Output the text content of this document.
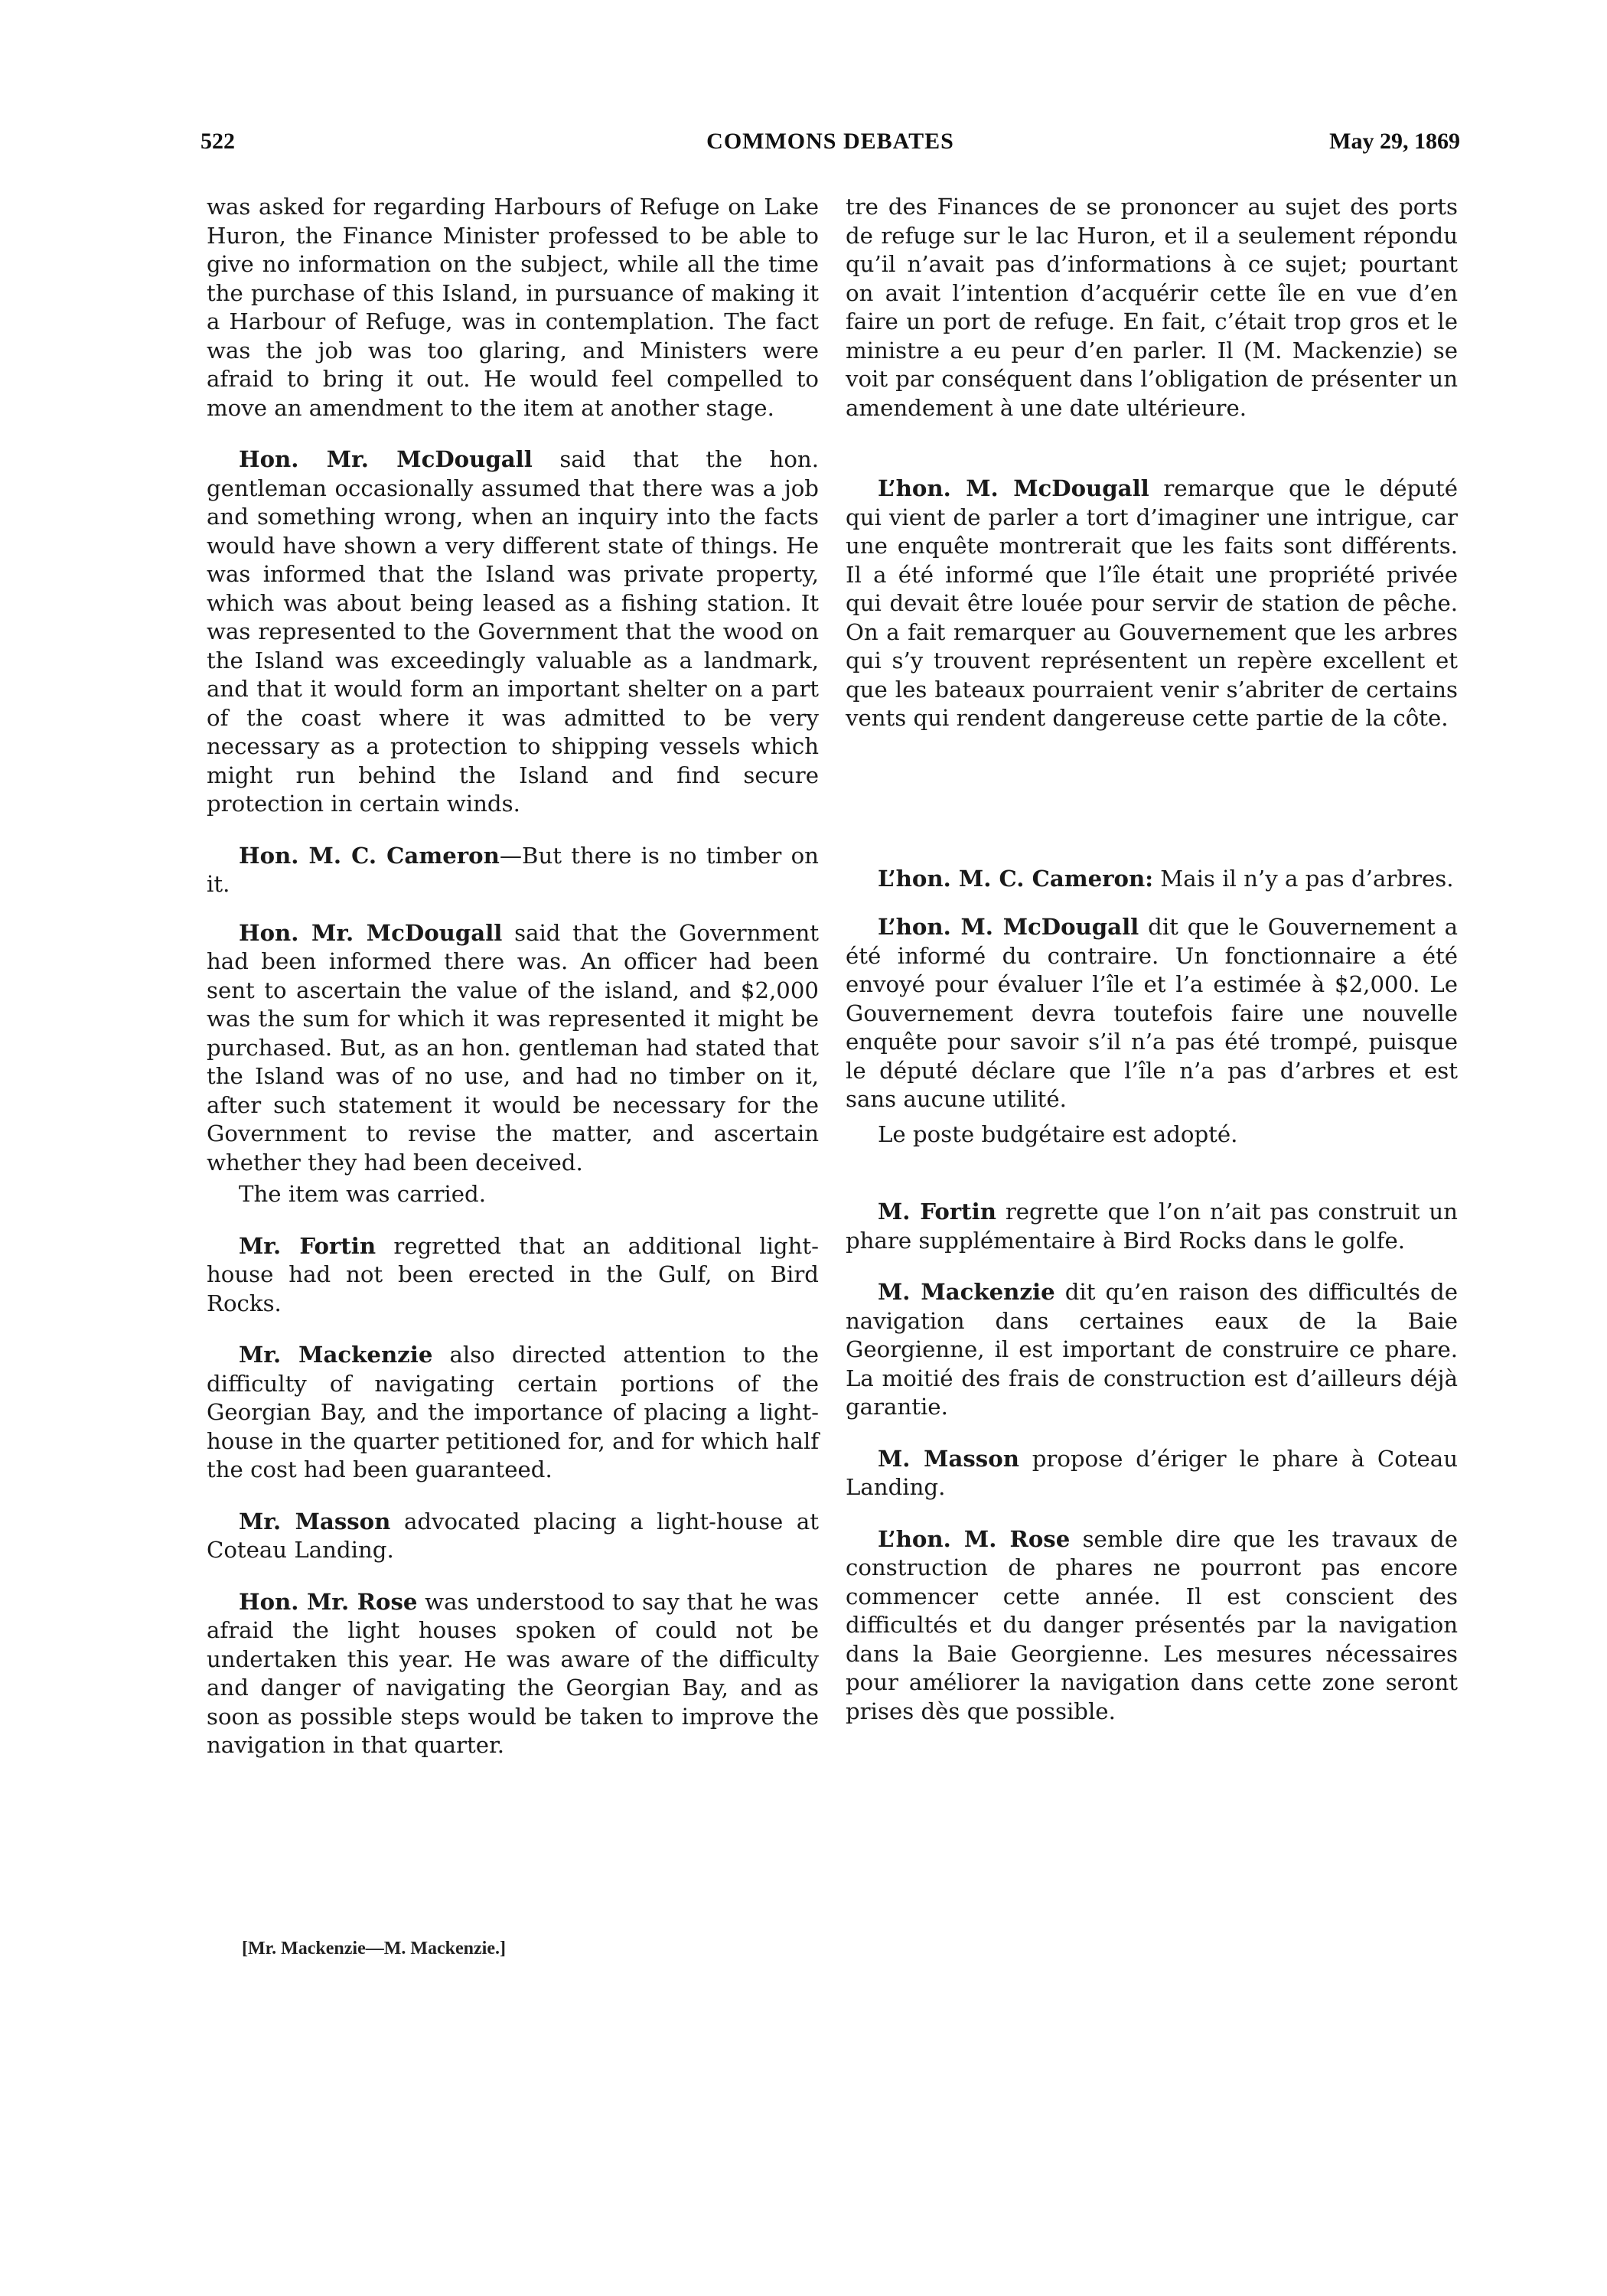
522	COMMONS DEBATES	May 29, 1869

was asked for regarding Harbours of Refuge on Lake Huron, the Finance Minister professed to be able to give no information on the subject, while all the time the purchase of this Island, in pursuance of making it a Harbour of Refuge, was in contemplation. The fact was the job was too glaring, and Ministers were afraid to bring it out. He would feel compelled to move an amendment to the item at another stage.

Hon. Mr. McDougall said that the hon. gentleman occasionally assumed that there was a job and something wrong, when an inquiry into the facts would have shown a very different state of things. He was informed that the Island was private property, which was about being leased as a fishing station. It was represented to the Government that the wood on the Island was exceedingly valuable as a landmark, and that it would form an important shelter on a part of the coast where it was admitted to be very necessary as a protection to shipping vessels which might run behind the Island and find secure protection in certain winds.

Hon. M. C. Cameron—But there is no timber on it.

Hon. Mr. McDougall said that the Government had been informed there was. An officer had been sent to ascertain the value of the island, and $2,000 was the sum for which it was represented it might be purchased. But, as an hon. gentleman had stated that the Island was of no use, and had no timber on it, after such statement it would be necessary for the Government to revise the matter, and ascertain whether they had been deceived.

The item was carried.

Mr. Fortin regretted that an additional light-house had not been erected in the Gulf, on Bird Rocks.

Mr. Mackenzie also directed attention to the difficulty of navigating certain portions of the Georgian Bay, and the importance of placing a light-house in the quarter petitioned for, and for which half the cost had been guaranteed.

Mr. Masson advocated placing a light-house at Coteau Landing.

Hon. Mr. Rose was understood to say that he was afraid the light houses spoken of could not be undertaken this year. He was aware of the difficulty and danger of navigating the Georgian Bay, and as soon as possible steps would be taken to improve the navigation in that quarter.

tre des Finances de se prononcer au sujet des ports de refuge sur le lac Huron, et il a seulement répondu qu’il n’avait pas d’informations à ce sujet; pourtant on avait l’intention d’acquérir cette île en vue d’en faire un port de refuge. En fait, c’était trop gros et le ministre a eu peur d’en parler. Il (M. Mackenzie) se voit par conséquent dans l’obligation de présenter un amendement à une date ultérieure.

L’hon. M. McDougall remarque que le député qui vient de parler a tort d’imaginer une intrigue, car une enquête montrerait que les faits sont différents. Il a été informé que l’île était une propriété privée qui devait être louée pour servir de station de pêche. On a fait remarquer au Gouvernement que les arbres qui s’y trouvent représentent un repère excellent et que les bateaux pourraient venir s’abriter de certains vents qui rendent dangereuse cette partie de la côte.

L’hon. M. C. Cameron: Mais il n’y a pas d’arbres.

L’hon. M. McDougall dit que le Gouvernement a été informé du contraire. Un fonctionnaire a été envoyé pour évaluer l’île et l’a estimée à $2,000. Le Gouvernement devra toutefois faire une nouvelle enquête pour savoir s’il n’a pas été trompé, puisque le député déclare que l’île n’a pas d’arbres et est sans aucune utilité.

Le poste budgétaire est adopté.

M. Fortin regrette que l’on n’ait pas construit un phare supplémentaire à Bird Rocks dans le golfe.

M. Mackenzie dit qu’en raison des difficultés de navigation dans certaines eaux de la Baie Georgienne, il est important de construire ce phare. La moitié des frais de construction est d’ailleurs déjà garantie.

M. Masson propose d’ériger le phare à Coteau Landing.

L’hon. M. Rose semble dire que les travaux de construction de phares ne pourront pas encore commencer cette année. Il est conscient des difficultés et du danger présentés par la navigation dans la Baie Georgienne. Les mesures nécessaires pour améliorer la navigation dans cette zone seront prises dès que possible.

[Mr. Mackenzie—M. Mackenzie.]
